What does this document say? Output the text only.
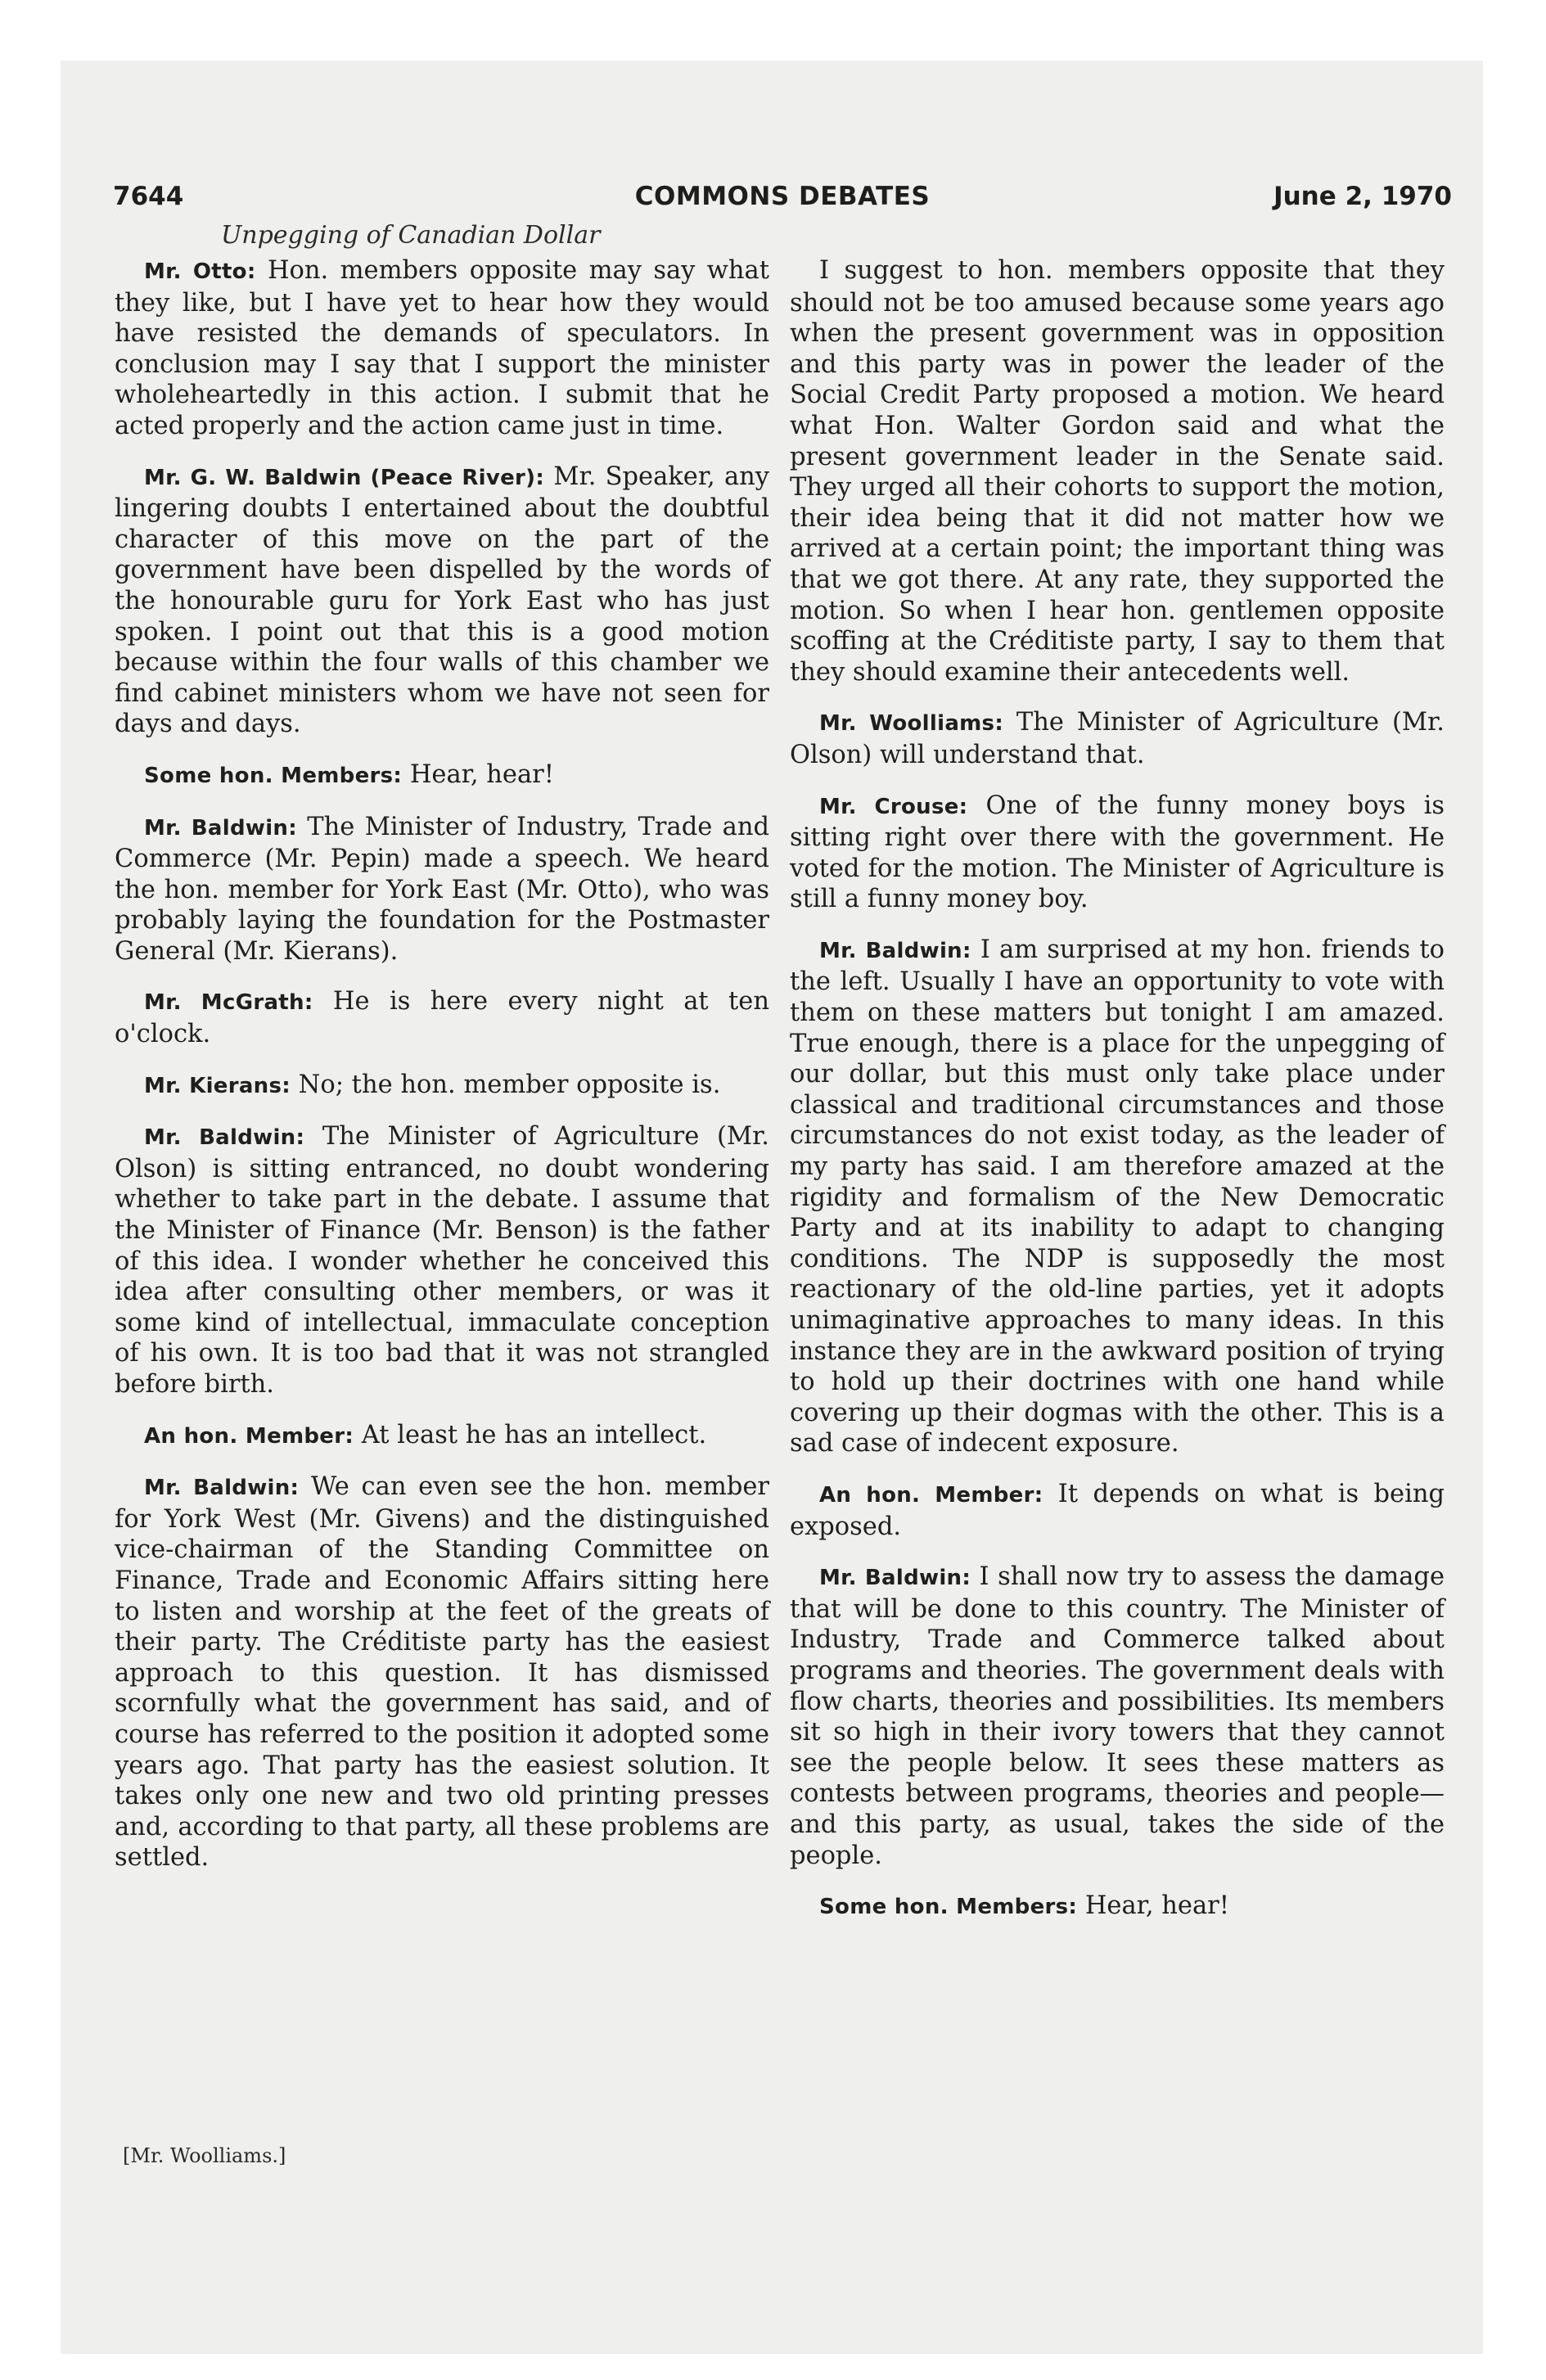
7644	COMMONS DEBATES	June 2, 1970
Unpegging of Canadian Dollar

Mr. Otto: Hon. members opposite may say what they like, but I have yet to hear how they would have resisted the demands of speculators. In conclusion may I say that I support the minister wholeheartedly in this action. I submit that he acted properly and the action came just in time.

Mr. G. W. Baldwin (Peace River): Mr. Speaker, any lingering doubts I entertained about the doubtful character of this move on the part of the government have been dispelled by the words of the honourable guru for York East who has just spoken. I point out that this is a good motion because within the four walls of this chamber we find cabinet ministers whom we have not seen for days and days.

Some hon. Members: Hear, hear!

Mr. Baldwin: The Minister of Industry, Trade and Commerce (Mr. Pepin) made a speech. We heard the hon. member for York East (Mr. Otto), who was probably laying the foundation for the Postmaster General (Mr. Kierans).

Mr. McGrath: He is here every night at ten o'clock.

Mr. Kierans: No; the hon. member opposite is.

Mr. Baldwin: The Minister of Agriculture (Mr. Olson) is sitting entranced, no doubt wondering whether to take part in the debate. I assume that the Minister of Finance (Mr. Benson) is the father of this idea. I wonder whether he conceived this idea after consulting other members, or was it some kind of intellectual, immaculate conception of his own. It is too bad that it was not strangled before birth.

An hon. Member: At least he has an intellect.

Mr. Baldwin: We can even see the hon. member for York West (Mr. Givens) and the distinguished vice-chairman of the Standing Committee on Finance, Trade and Economic Affairs sitting here to listen and worship at the feet of the greats of their party. The Créditiste party has the easiest approach to this question. It has dismissed scornfully what the government has said, and of course has referred to the position it adopted some years ago. That party has the easiest solution. It takes only one new and two old printing presses and, according to that party, all these problems are settled.

I suggest to hon. members opposite that they should not be too amused because some years ago when the present government was in opposition and this party was in power the leader of the Social Credit Party proposed a motion. We heard what Hon. Walter Gordon said and what the present government leader in the Senate said. They urged all their cohorts to support the motion, their idea being that it did not matter how we arrived at a certain point; the important thing was that we got there. At any rate, they supported the motion. So when I hear hon. gentlemen opposite scoffing at the Créditiste party, I say to them that they should examine their antecedents well.

Mr. Woolliams: The Minister of Agriculture (Mr. Olson) will understand that.

Mr. Crouse: One of the funny money boys is sitting right over there with the government. He voted for the motion. The Minister of Agriculture is still a funny money boy.

Mr. Baldwin: I am surprised at my hon. friends to the left. Usually I have an opportunity to vote with them on these matters but tonight I am amazed. True enough, there is a place for the unpegging of our dollar, but this must only take place under classical and traditional circumstances and those circumstances do not exist today, as the leader of my party has said. I am therefore amazed at the rigidity and formalism of the New Democratic Party and at its inability to adapt to changing conditions. The NDP is supposedly the most reactionary of the old-line parties, yet it adopts unimaginative approaches to many ideas. In this instance they are in the awkward position of trying to hold up their doctrines with one hand while covering up their dogmas with the other. This is a sad case of indecent exposure.

An hon. Member: It depends on what is being exposed.

Mr. Baldwin: I shall now try to assess the damage that will be done to this country. The Minister of Industry, Trade and Commerce talked about programs and theories. The government deals with flow charts, theories and possibilities. Its members sit so high in their ivory towers that they cannot see the people below. It sees these matters as contests between programs, theories and people—and this party, as usual, takes the side of the people.

Some hon. Members: Hear, hear!

[Mr. Woolliams.]
